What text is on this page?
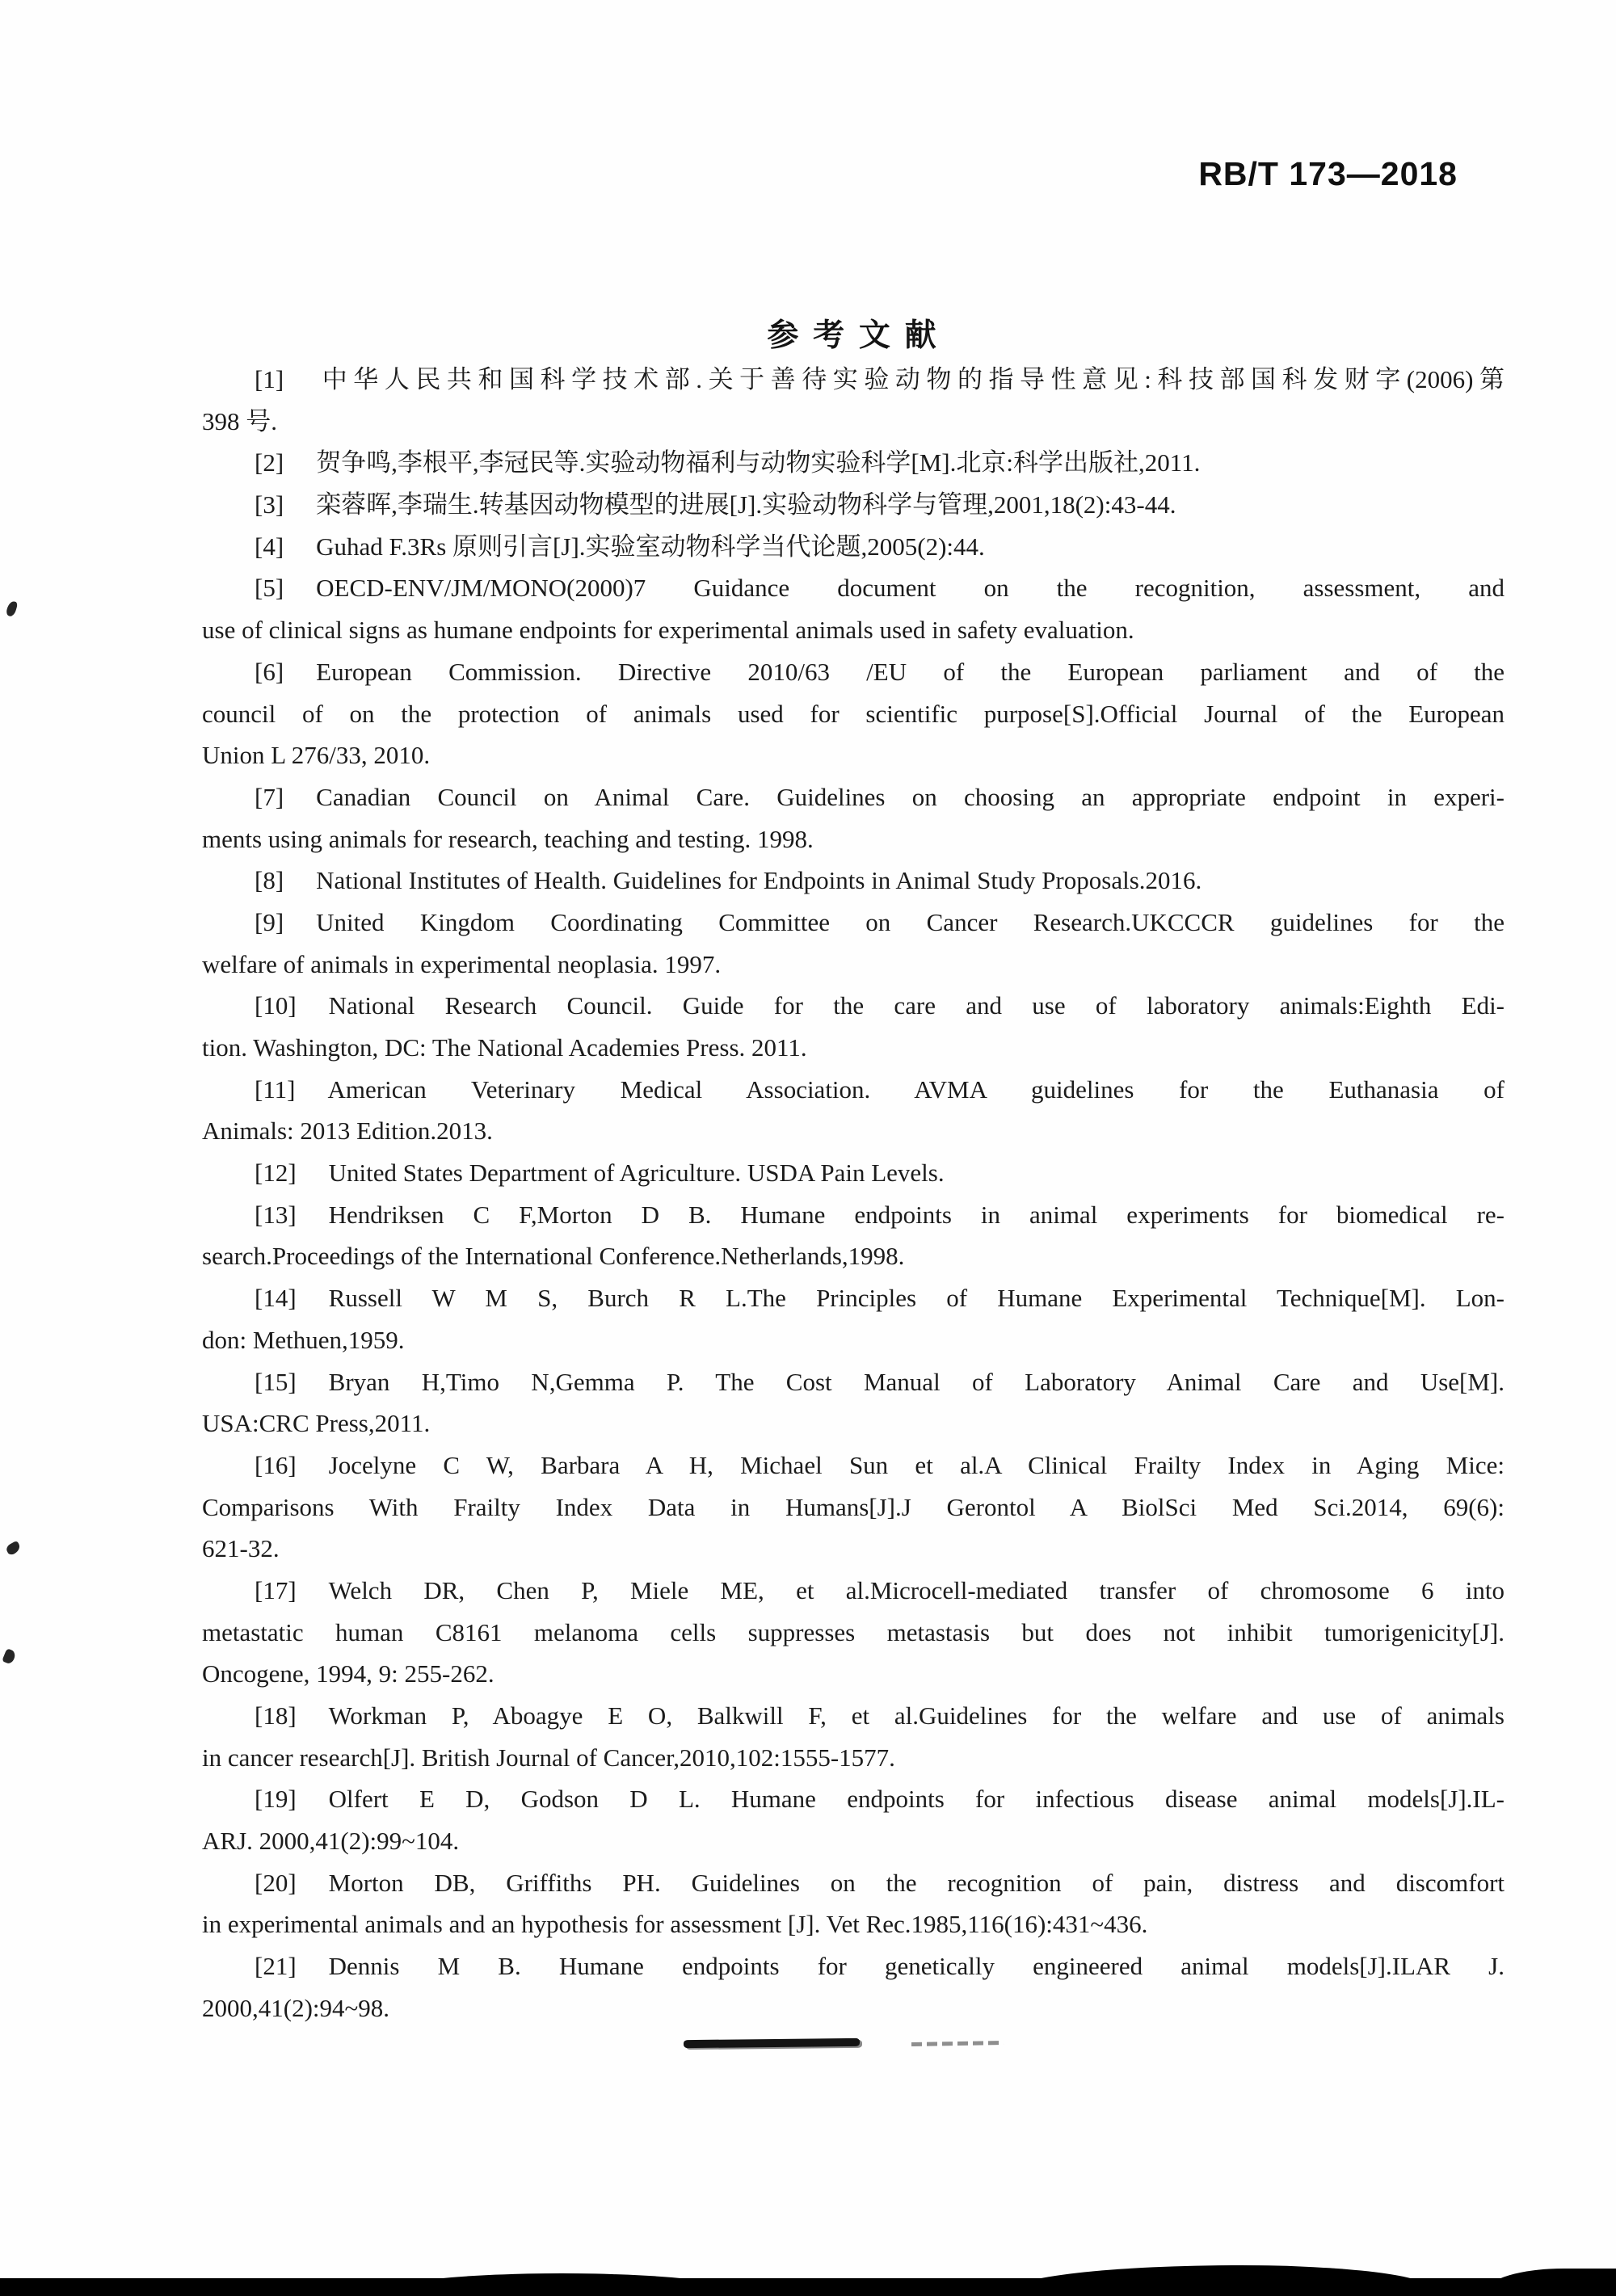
RB/T 173—2018
参 考 文 献
[1] 中华人民共和国科学技术部.关于善待实验动物的指导性意见:科技部国科发财字(2006)第
398 号.
[2] 贺争鸣,李根平,李冠民等.实验动物福利与动物实验科学[M].北京:科学出版社,2011.
[3] 栾蓉晖,李瑞生.转基因动物模型的进展[J].实验动物科学与管理,2001,18(2):43-44.
[4] Guhad F.3Rs 原则引言[J].实验室动物科学当代论题,2005(2):44.
[5] OECD-ENV/JM/MONO(2000)7 Guidance document on the recognition, assessment, and
use of clinical signs as humane endpoints for experimental animals used in safety evaluation.
[6] European Commission. Directive 2010/63 /EU of the European parliament and of the
council of on the protection of animals used for scientific purpose[S].Official Journal of the European
Union L 276/33, 2010.
[7] Canadian Council on Animal Care. Guidelines on choosing an appropriate endpoint in experi-
ments using animals for research, teaching and testing. 1998.
[8] National Institutes of Health. Guidelines for Endpoints in Animal Study Proposals.2016.
[9] United Kingdom Coordinating Committee on Cancer Research.UKCCCR guidelines for the
welfare of animals in experimental neoplasia. 1997.
[10] National Research Council. Guide for the care and use of laboratory animals:Eighth Edi-
tion. Washington, DC: The National Academies Press. 2011.
[11] American Veterinary Medical Association. AVMA guidelines for the Euthanasia of
Animals: 2013 Edition.2013.
[12] United States Department of Agriculture. USDA Pain Levels.
[13] Hendriksen C F,Morton D B. Humane endpoints in animal experiments for biomedical re-
search.Proceedings of the International Conference.Netherlands,1998.
[14] Russell W M S, Burch R L.The Principles of Humane Experimental Technique[M]. Lon-
don: Methuen,1959.
[15] Bryan H,Timo N,Gemma P. The Cost Manual of Laboratory Animal Care and Use[M].
USA:CRC Press,2011.
[16] Jocelyne C W, Barbara A H, Michael Sun et al.A Clinical Frailty Index in Aging Mice:
Comparisons With Frailty Index Data in Humans[J].J Gerontol A BiolSci Med Sci.2014, 69(6):
621-32.
[17] Welch DR, Chen P, Miele ME, et al.Microcell-mediated transfer of chromosome 6 into
metastatic human C8161 melanoma cells suppresses metastasis but does not inhibit tumorigenicity[J].
Oncogene, 1994, 9: 255-262.
[18] Workman P, Aboagye E O, Balkwill F, et al.Guidelines for the welfare and use of animals
in cancer research[J]. British Journal of Cancer,2010,102:1555-1577.
[19] Olfert E D, Godson D L. Humane endpoints for infectious disease animal models[J].IL-
ARJ. 2000,41(2):99~104.
[20] Morton DB, Griffiths PH. Guidelines on the recognition of pain, distress and discomfort
in experimental animals and an hypothesis for assessment [J]. Vet Rec.1985,116(16):431~436.
[21] Dennis M B. Humane endpoints for genetically engineered animal models[J].ILAR J.
2000,41(2):94~98.
